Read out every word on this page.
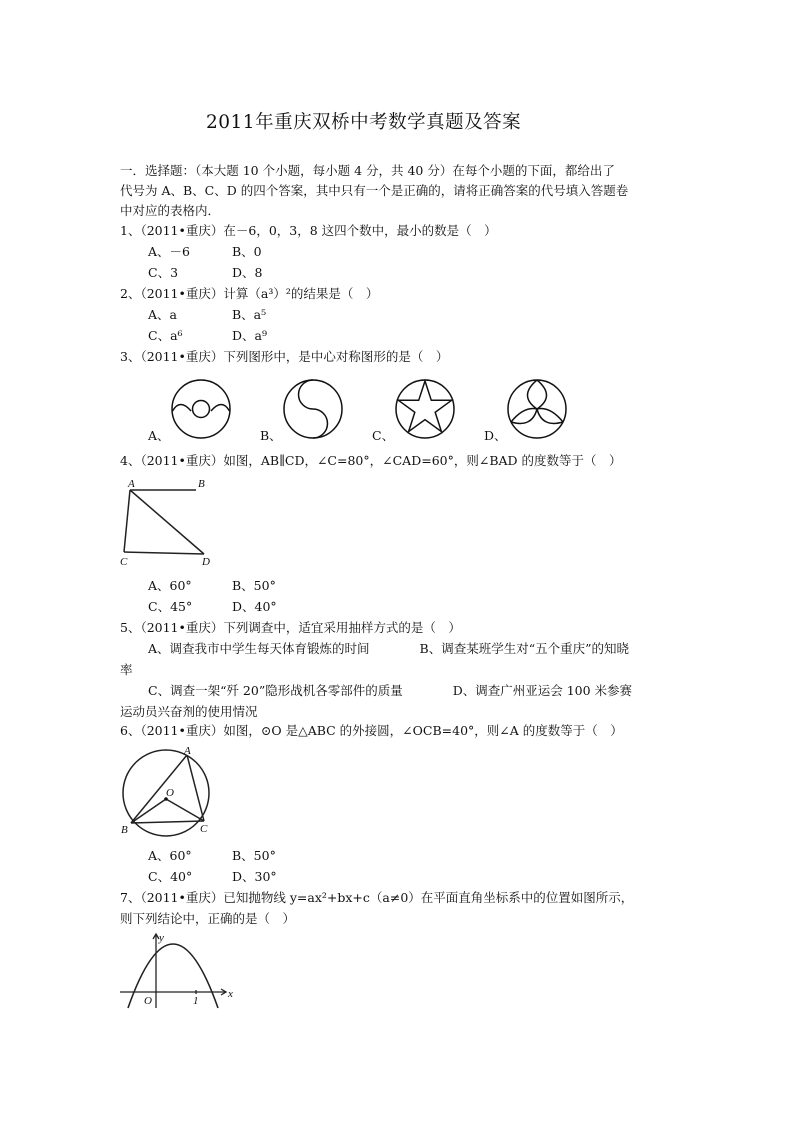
2011年重庆双桥中考数学真题及答案
一．选择题：（本大题 10 个小题，每小题 4 分，共 40 分）在每个小题的下面，都给出了
代号为 A、B、C、D 的四个答案，其中只有一个是正确的，请将正确答案的代号填入答题卷
中对应的表格内．
1、（2011•重庆）在－6，0，3，8 这四个数中，最小的数是（　）
A、－6	B、0
C、3	D、8
2、（2011•重庆）计算（a³）²的结果是（　）
A、a	B、a⁵
C、a⁶	D、a⁹
3、（2011•重庆）下列图形中，是中心对称图形的是（　）
A、	B、	C、	D、
4、（2011•重庆）如图，AB∥CD，∠C=80°，∠CAD=60°，则∠BAD 的度数等于（　）
A	B
C	D
A、60°	B、50°
C、45°	D、40°
5、（2011•重庆）下列调查中，适宜采用抽样方式的是（　）
A、调查我市中学生每天体育锻炼的时间　　　　B、调查某班学生对“五个重庆”的知晓
率
C、调查一架“歼 20”隐形战机各零部件的质量　　　　D、调查广州亚运会 100 米参赛
运动员兴奋剂的使用情况
6、（2011•重庆）如图，⊙O 是△ABC 的外接圆，∠OCB=40°，则∠A 的度数等于（　）
A
O
B	C
A、60°	B、50°
C、40°	D、30°
7、（2011•重庆）已知抛物线 y=ax²+bx+c（a≠0）在平面直角坐标系中的位置如图所示，
则下列结论中，正确的是（　）
y
O	1
x
